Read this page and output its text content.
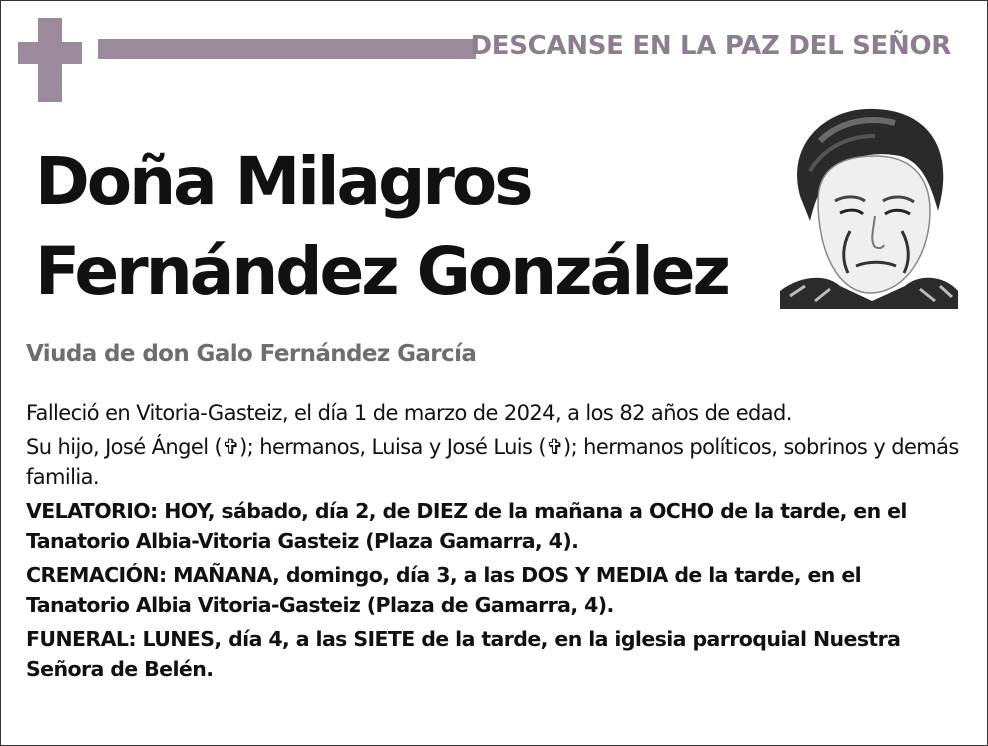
DESCANSE EN LA PAZ DEL SEÑOR
Doña Milagros
Fernández González
Viuda de don Galo Fernández García

Falleció en Vitoria-Gasteiz, el día 1 de marzo de 2024, a los 82 años de edad.

Su hijo, José Ángel (✞); hermanos, Luisa y José Luis (✞); hermanos políticos, sobrinos y demás familia.

VELATORIO: HOY, sábado, día 2, de DIEZ de la mañana a OCHO de la tarde, en el Tanatorio Albia-Vitoria Gasteiz (Plaza Gamarra, 4).

CREMACIÓN: MAÑANA, domingo, día 3, a las DOS Y MEDIA de la tarde, en el Tanatorio Albia Vitoria-Gasteiz (Plaza de Gamarra, 4).

FUNERAL: LUNES, día 4, a las SIETE de la tarde, en la iglesia parroquial Nuestra Señora de Belén.
